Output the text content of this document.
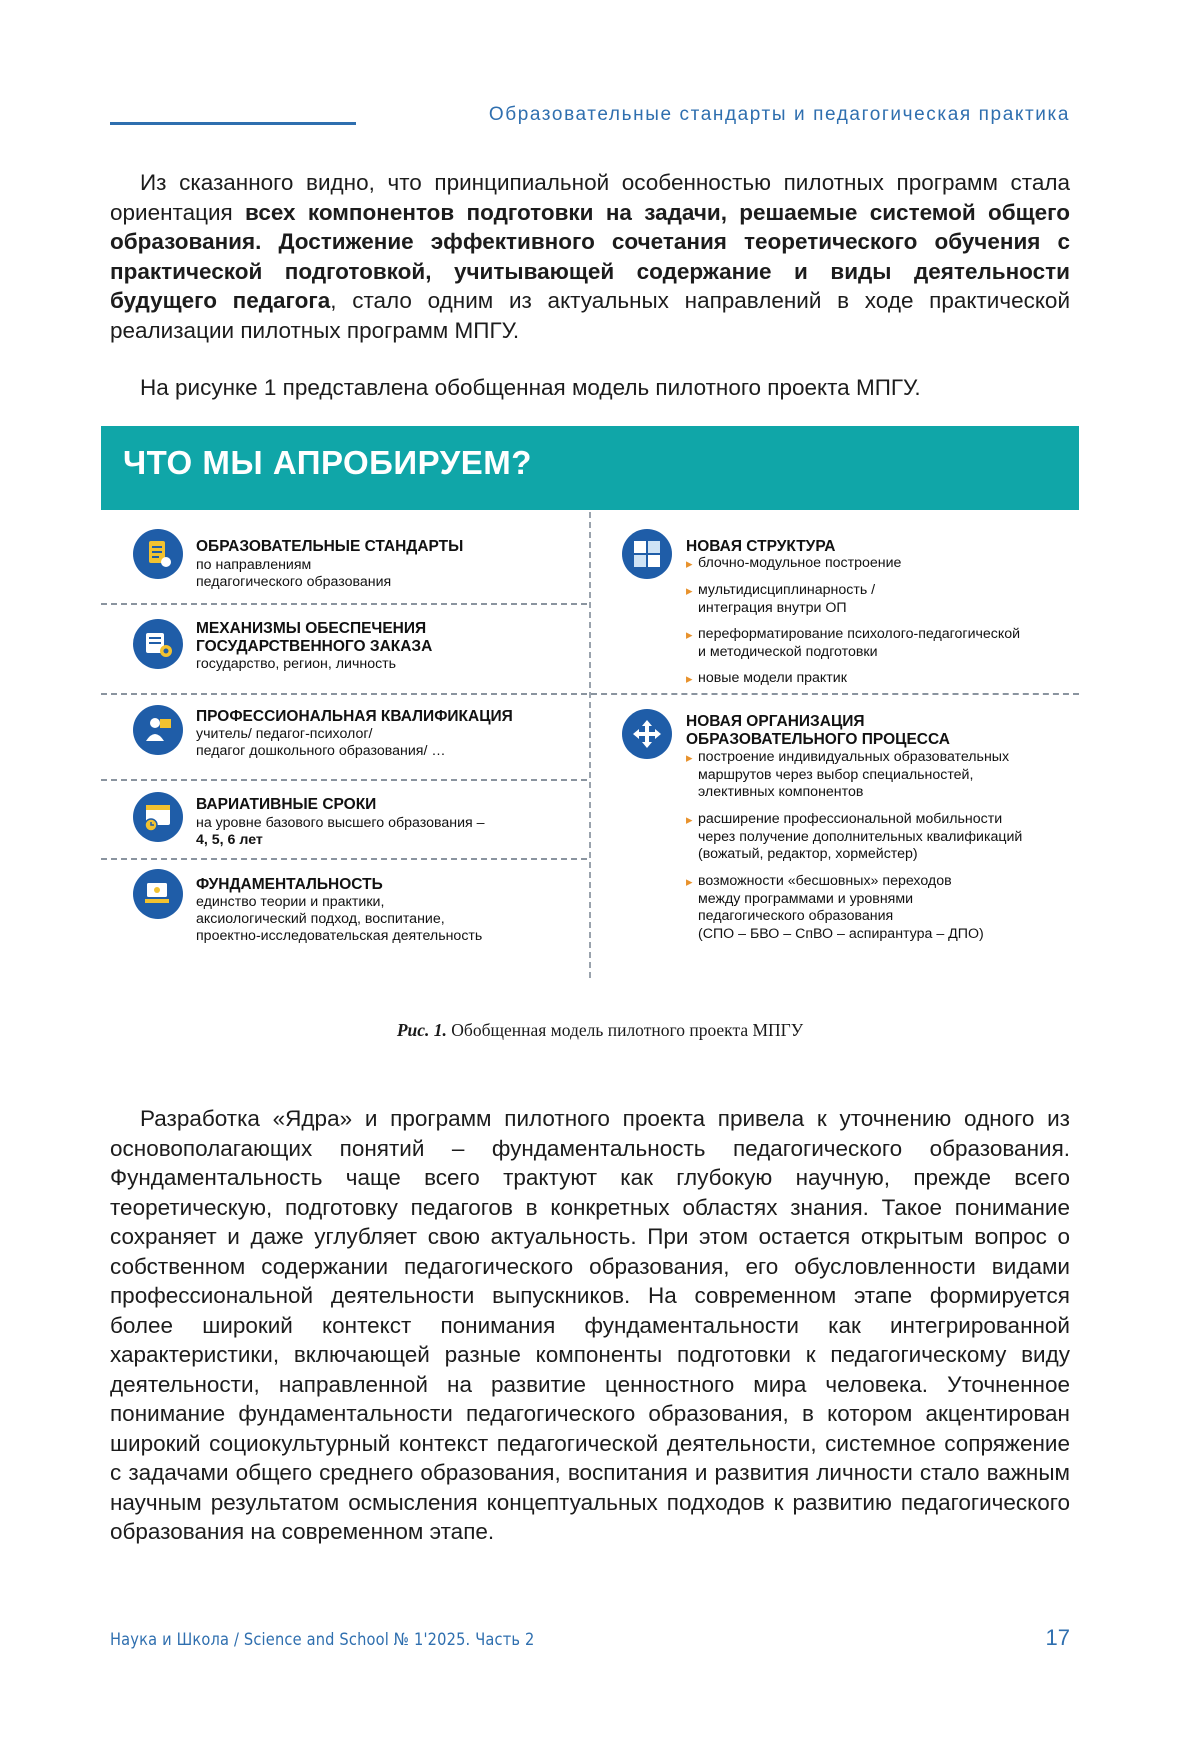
Образовательные стандарты и педагогическая практика
Из сказанного видно, что принципиальной особенностью пилотных программ стала ориентация всех компонентов подготовки на задачи, решаемые системой общего образования. Достижение эффективного сочетания теоретического обучения с практической подготовкой, учитывающей содержание и виды деятельности будущего педагога, стало одним из актуальных направлений в ходе практической реализации пилотных программ МПГУ.
На рисунке 1 представлена обобщенная модель пилотного проекта МПГУ.
ЧТО МЫ АПРОБИРУЕМ?
ОБРАЗОВАТЕЛЬНЫЕ СТАНДАРТЫ
по направлениям
педагогического образования
МЕХАНИЗМЫ ОБЕСПЕЧЕНИЯ
ГОСУДАРСТВЕННОГО ЗАКАЗА
государство, регион, личность
ПРОФЕССИОНАЛЬНАЯ КВАЛИФИКАЦИЯ
учитель/ педагог-психолог/
педагог дошкольного образования/ …
ВАРИАТИВНЫЕ СРОКИ
на уровне базового высшего образования –
4, 5, 6 лет
ФУНДАМЕНТАЛЬНОСТЬ
единство теории и практики,
аксиологический подход, воспитание,
проектно-исследовательская деятельность
НОВАЯ СТРУКТУРА
▸ блочно-модульное построение
▸ мультидисциплинарность /
интеграция внутри ОП
▸ переформатирование психолого-педагогической
и методической подготовки
▸ новые модели практик
НОВАЯ ОРГАНИЗАЦИЯ
ОБРАЗОВАТЕЛЬНОГО ПРОЦЕССА
▸ построение индивидуальных образовательных
маршрутов через выбор специальностей,
элективных компонентов
▸ расширение профессиональной мобильности
через получение дополнительных квалификаций
(вожатый, редактор, хормейстер)
▸ возможности «бесшовных» переходов
между программами и уровнями
педагогического образования
(СПО – БВО – СпВО – аспирантура – ДПО)
Рис. 1. Обобщенная модель пилотного проекта МПГУ
Разработка «Ядра» и программ пилотного проекта привела к уточнению одного из основополагающих понятий – фундаментальность педагогического образования. Фундаментальность чаще всего трактуют как глубокую научную, прежде всего теоретическую, подготовку педагогов в конкретных областях знания. Такое понимание сохраняет и даже углубляет свою актуальность. При этом остается открытым вопрос о собственном содержании педагогического образования, его обусловленности видами профессиональной деятельности выпускников. На современном этапе формируется более широкий контекст понимания фундаментальности как интегрированной характеристики, включающей разные компоненты подготовки к педагогическому виду деятельности, направленной на развитие ценностного мира человека. Уточненное понимание фундаментальности педагогического образования, в котором акцентирован широкий социокультурный контекст педагогической деятельности, системное сопряжение с задачами общего среднего образования, воспитания и развития личности стало важным научным результатом осмысления концептуальных подходов к развитию педагогического образования на современном этапе.
Наука и Школа / Science and School № 1'2025. Часть 2	17
